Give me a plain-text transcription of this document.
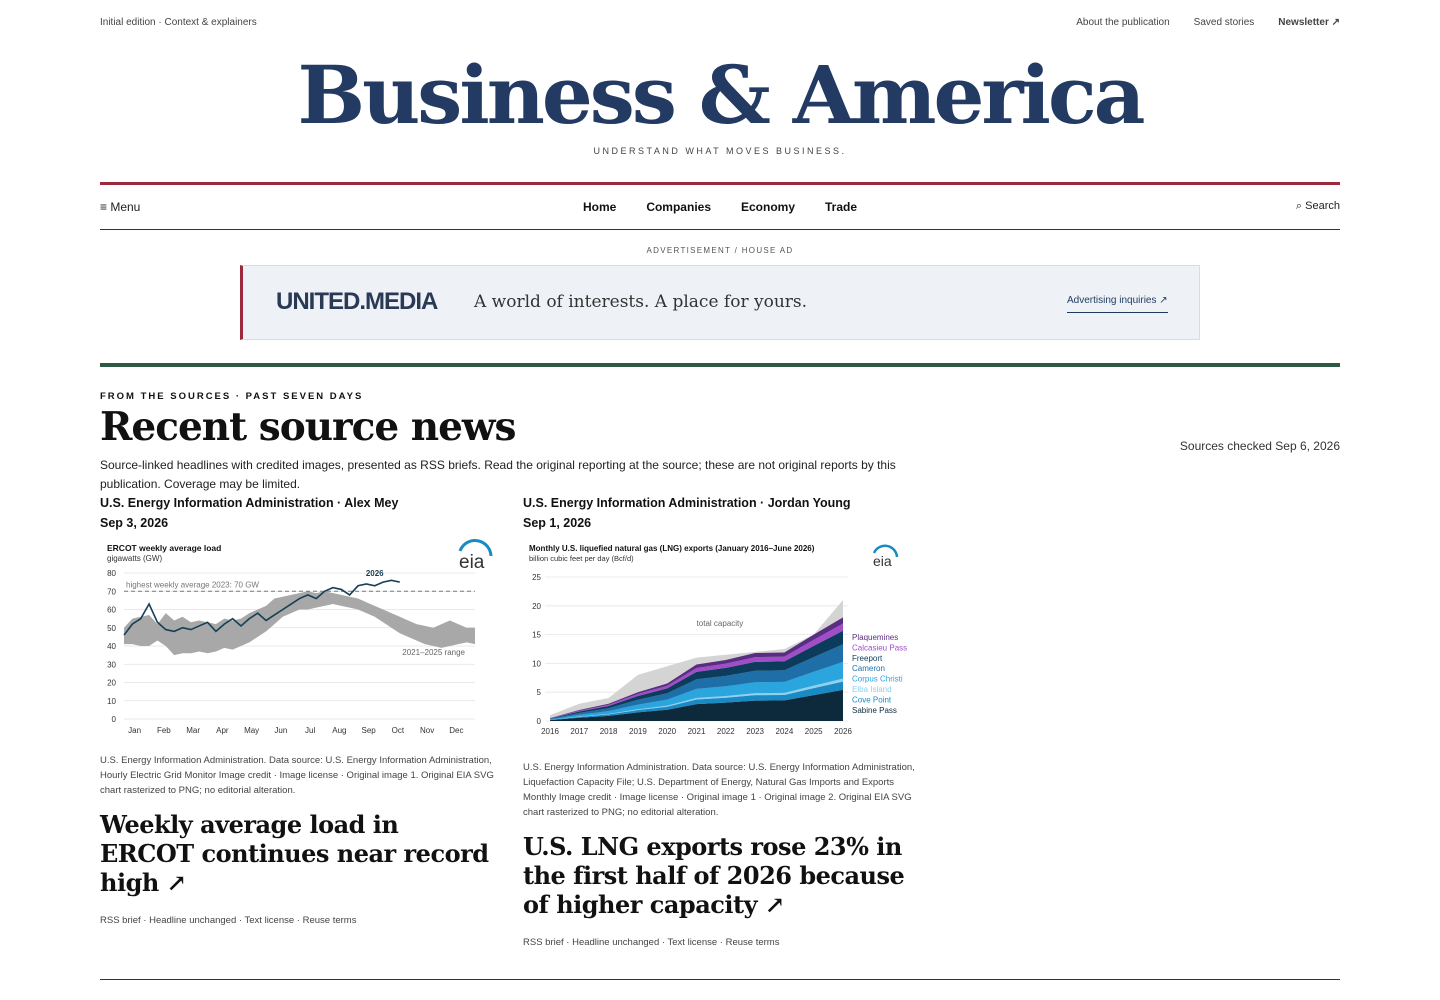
Initial edition · Context & explainers	About the publication Saved stories Newsletter ↗
Business & America
UNDERSTAND WHAT MOVES BUSINESS.
≡ Menu	Home	Companies	Economy	Trade	⌕ Search
ADVERTISEMENT / HOUSE AD
UNITED.MEDIA A world of interests. A place for yours.	Advertising inquiries ↗
FROM THE SOURCES · PAST SEVEN DAYS
Recent source news	Sources checked Sep 6, 2026
Source-linked headlines with credited images, presented as RSS briefs. Read the original reporting at the source; these are not original reports by this publication. Coverage may be limited.
U.S. Energy Information Administration · Alex Mey
Sep 3, 2026
ERCOT weekly average load
gigawatts (GW)	eia
2021–2025 range
highest weekly average 2023: 70 GW
2026
0
10
20
30
40
50
60
70
80
Jan Feb Mar Apr May Jun Jul Aug Sep Oct Nov Dec
U.S. Energy Information Administration. Data source: U.S. Energy Information Administration, Hourly Electric Grid Monitor Image credit · Image license · Original image 1. Original EIA SVG chart rasterized to PNG; no editorial alteration.
Weekly average load in ERCOT continues near record high ↗
RSS brief · Headline unchanged · Text license · Reuse terms
U.S. Energy Information Administration · Jordan Young
Sep 1, 2026
Monthly U.S. liquefied natural gas (LNG) exports (January 2016–June 2026)
billion cubic feet per day (Bcf/d)	eia
total capacity
0
5
10
15
20
25
2016 2017 2018 2019 2020 2021 2022 2023 2024 2025 2026
Plaquemines
Calcasieu Pass
Freeport
Cameron
Corpus Christi
Elba Island
Cove Point
Sabine Pass
U.S. Energy Information Administration. Data source: U.S. Energy Information Administration, Liquefaction Capacity File; U.S. Department of Energy, Natural Gas Imports and Exports Monthly Image credit · Image license · Original image 1 · Original image 2. Original EIA SVG chart rasterized to PNG; no editorial alteration.
U.S. LNG exports rose 23% in the first half of 2026 because of higher capacity ↗
RSS brief · Headline unchanged · Text license · Reuse terms
